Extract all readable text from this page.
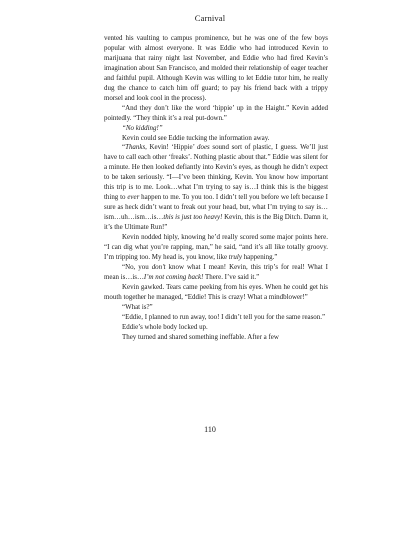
Carnival

vented his vaulting to campus prominence, but he was one of the few boys popular with almost everyone. It was Eddie who had introduced Kevin to marijuana that rainy night last November, and Eddie who had fired Kevin’s imagination about San Francisco, and molded their relationship of eager teacher and faithful pupil. Although Kevin was willing to let Eddie tutor him, he really dug the chance to catch him off guard; to pay his friend back with a trippy morsel and look cool in the process).

“And they don’t like the word ‘hippie’ up in the Haight.” Kevin added pointedly. “They think it’s a real put-down.”

“No kidding!”

Kevin could see Eddie tucking the information away.

“Thanks, Kevin! ‘Hippie’ does sound sort of plastic, I guess. We’ll just have to call each other ‘freaks’. Nothing plastic about that.” Eddie was silent for a minute. He then looked defiantly into Kevin’s eyes, as though he didn’t expect to be taken seriously. “I—I’ve been thinking, Kevin. You know how important this trip is to me. Look…what I’m trying to say is…I think this is the biggest thing to ever happen to me. To you too. I didn’t tell you before we left because I sure as heck didn’t want to freak out your head, but, what I’m trying to say is…ism…uh…ism…is…this is just too heavy! Kevin, this is the Big Ditch. Damn it, it’s the Ultimate Run!”

Kevin nodded hiply, knowing he’d really scored some major points here. “I can dig what you’re rapping, man,” he said, “and it’s all like totally groovy. I’m tripping too. My head is, you know, like truly happening.”

“No, you don’t know what I mean! Kevin, this trip’s for real! What I mean is…is…I’m not coming back! There. I’ve said it.”

Kevin gawked. Tears came peeking from his eyes. When he could get his mouth together he managed, “Eddie! This is crazy! What a mindblower!”

“What is?”

“Eddie, I planned to run away, too! I didn’t tell you for the same reason.”

Eddie’s whole body locked up.

They turned and shared something ineffable. After a few

110
